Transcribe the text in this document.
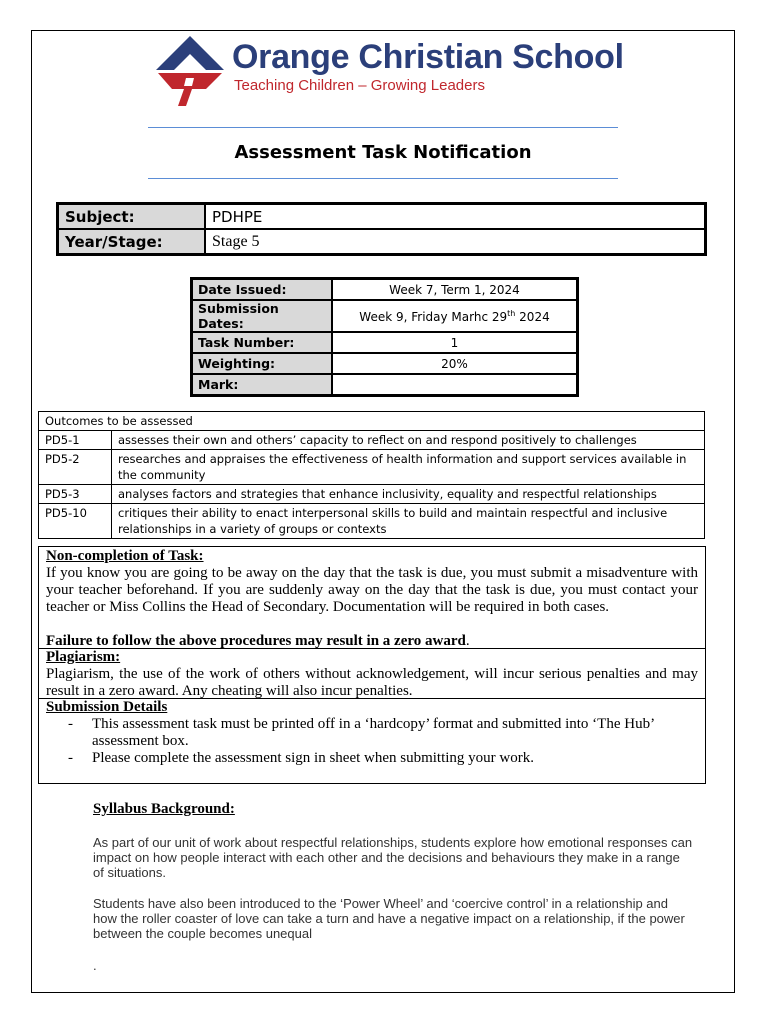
Orange Christian School
Teaching Children – Growing Leaders
Assessment Task Notification
Subject:	PDHPE
Year/Stage:	Stage 5
Date Issued:	Week 7, Term 1, 2024
Submission Dates:	Week 9, Friday Marhc 29th 2024
Task Number:	1
Weighting:	20%
Mark:	
Outcomes to be assessed	
PD5-1	assesses their own and others’ capacity to reflect on and respond positively to challenges
PD5-2	researches and appraises the effectiveness of health information and support services available in the community
PD5-3	analyses factors and strategies that enhance inclusivity, equality and respectful relationships
PD5-10	critiques their ability to enact interpersonal skills to build and maintain respectful and inclusive relationships in a variety of groups or contexts
Non-completion of Task:

If you know you are going to be away on the day that the task is due, you must submit a misadventure with your teacher beforehand. If you are suddenly away on the day that the task is due, you must contact your teacher or Miss Collins the Head of Secondary. Documentation will be required in both cases.

Failure to follow the above procedures may result in a zero award.

Plagiarism:

Plagiarism, the use of the work of others without acknowledgement, will incur serious penalties and may result in a zero award. Any cheating will also incur penalties.

Submission Details
- This assessment task must be printed off in a ‘hardcopy’ format and submitted into ‘The Hub’ assessment box.
- Please complete the assessment sign in sheet when submitting your work.
Syllabus Background:

As part of our unit of work about respectful relationships, students explore how emotional responses can impact on how people interact with each other and the decisions and behaviours they make in a range of situations.

Students have also been introduced to the ‘Power Wheel’ and ‘coercive control’ in a relationship and how the roller coaster of love can take a turn and have a negative impact on a relationship, if the power between the couple becomes unequal

.
